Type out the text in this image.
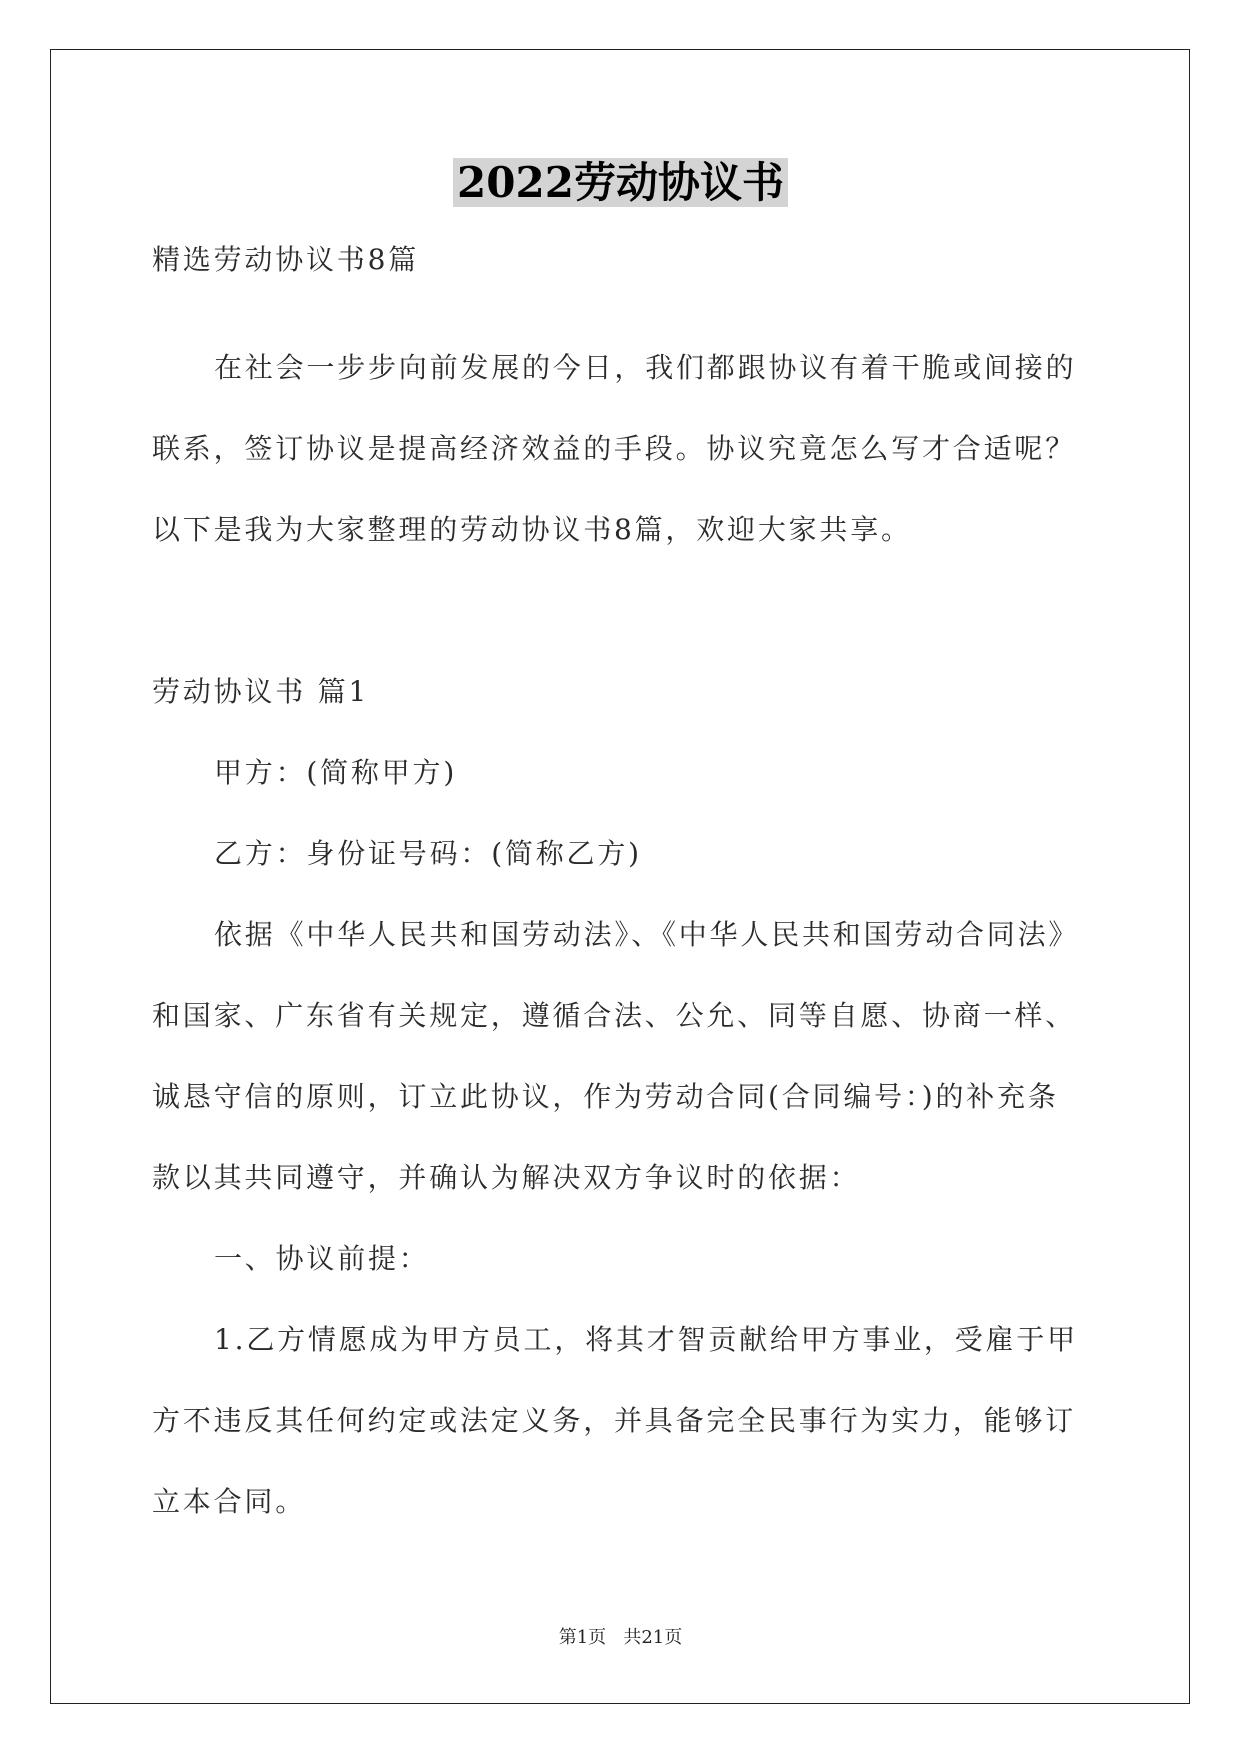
2022劳动协议书
精选劳动协议书8篇
在社会一步步向前发展的今日，我们都跟协议有着干脆或间接的
联系，签订协议是提高经济效益的手段。协议究竟怎么写才合适呢？
以下是我为大家整理的劳动协议书8篇，欢迎大家共享。
劳动协议书 篇1
甲方：(简称甲方)
乙方：身份证号码：(简称乙方)
依据《中华人民共和国劳动法》、《中华人民共和国劳动合同法》
和国家、广东省有关规定，遵循合法、公允、同等自愿、协商一样、
诚恳守信的原则，订立此协议，作为劳动合同(合同编号：)的补充条
款以其共同遵守，并确认为解决双方争议时的依据：
一、协议前提：
1.乙方情愿成为甲方员工，将其才智贡献给甲方事业，受雇于甲
方不违反其任何约定或法定义务，并具备完全民事行为实力，能够订
立本合同。
第1页   共21页
